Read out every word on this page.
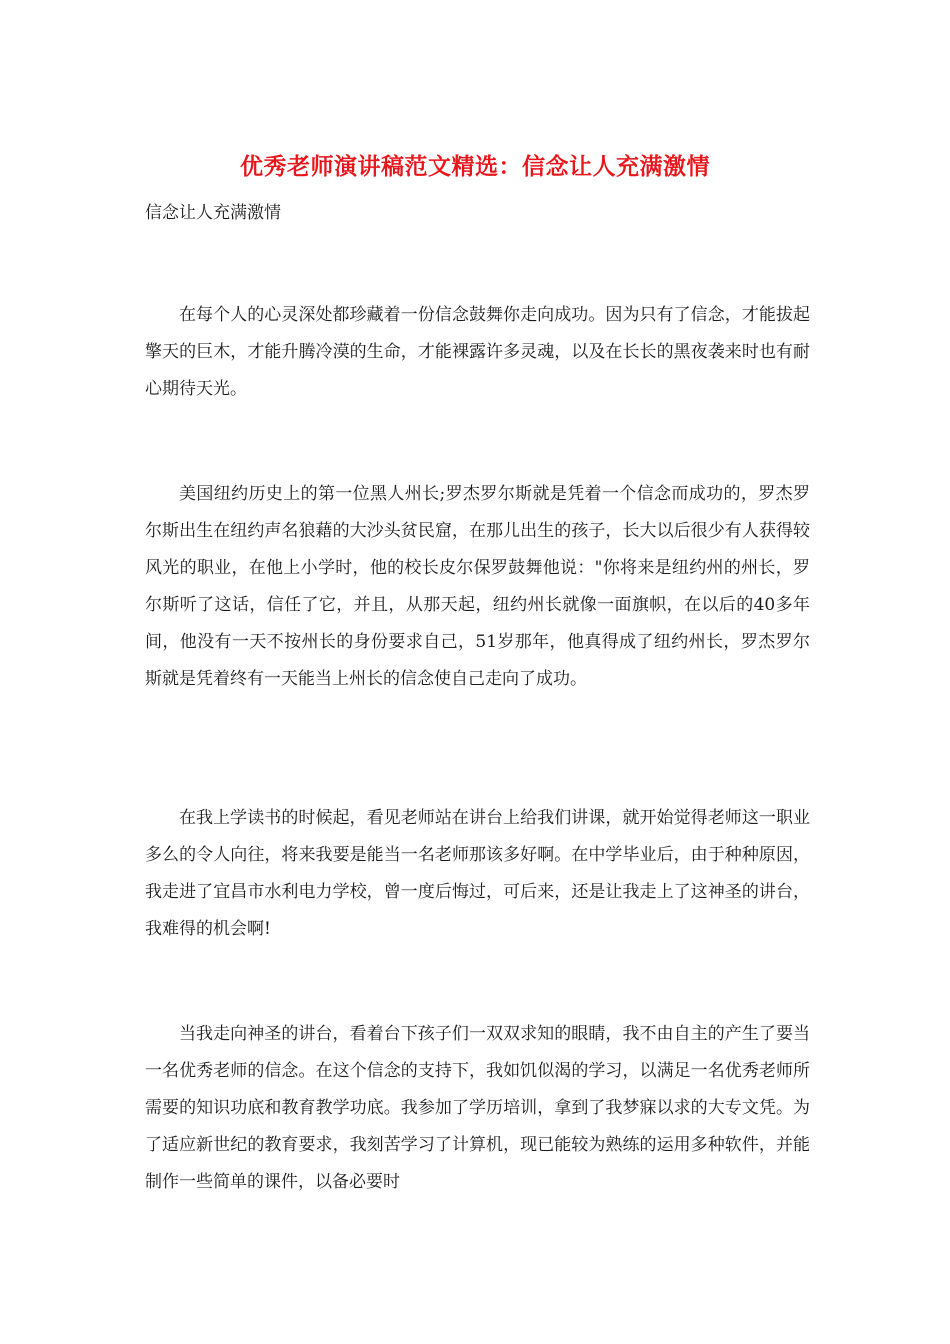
优秀老师演讲稿范文精选：信念让人充满激情
信念让人充满激情

在每个人的心灵深处都珍藏着一份信念鼓舞你走向成功。因为只有了信念，才能拔起擎天的巨木，才能升腾冷漠的生命，才能裸露许多灵魂，以及在长长的黑夜袭来时也有耐心期待天光。

美国纽约历史上的第一位黑人州长;罗杰罗尔斯就是凭着一个信念而成功的，罗杰罗尔斯出生在纽约声名狼藉的大沙头贫民窟，在那儿出生的孩子，长大以后很少有人获得较风光的职业，在他上小学时，他的校长皮尔保罗鼓舞他说："你将来是纽约州的州长，罗尔斯听了这话，信任了它，并且，从那天起，纽约州长就像一面旗帜，在以后的40多年间，他没有一天不按州长的身份要求自己，51岁那年，他真得成了纽约州长，罗杰罗尔斯就是凭着终有一天能当上州长的信念使自己走向了成功。

在我上学读书的时候起，看见老师站在讲台上给我们讲课，就开始觉得老师这一职业多么的令人向往，将来我要是能当一名老师那该多好啊。在中学毕业后，由于种种原因，我走进了宜昌市水利电力学校，曾一度后悔过，可后来，还是让我走上了这神圣的讲台，我难得的机会啊!

当我走向神圣的讲台，看着台下孩子们一双双求知的眼睛，我不由自主的产生了要当一名优秀老师的信念。在这个信念的支持下，我如饥似渴的学习，以满足一名优秀老师所需要的知识功底和教育教学功底。我参加了学历培训，拿到了我梦寐以求的大专文凭。为了适应新世纪的教育要求，我刻苦学习了计算机，现已能较为熟练的运用多种软件，并能制作一些简单的课件，以备必要时
